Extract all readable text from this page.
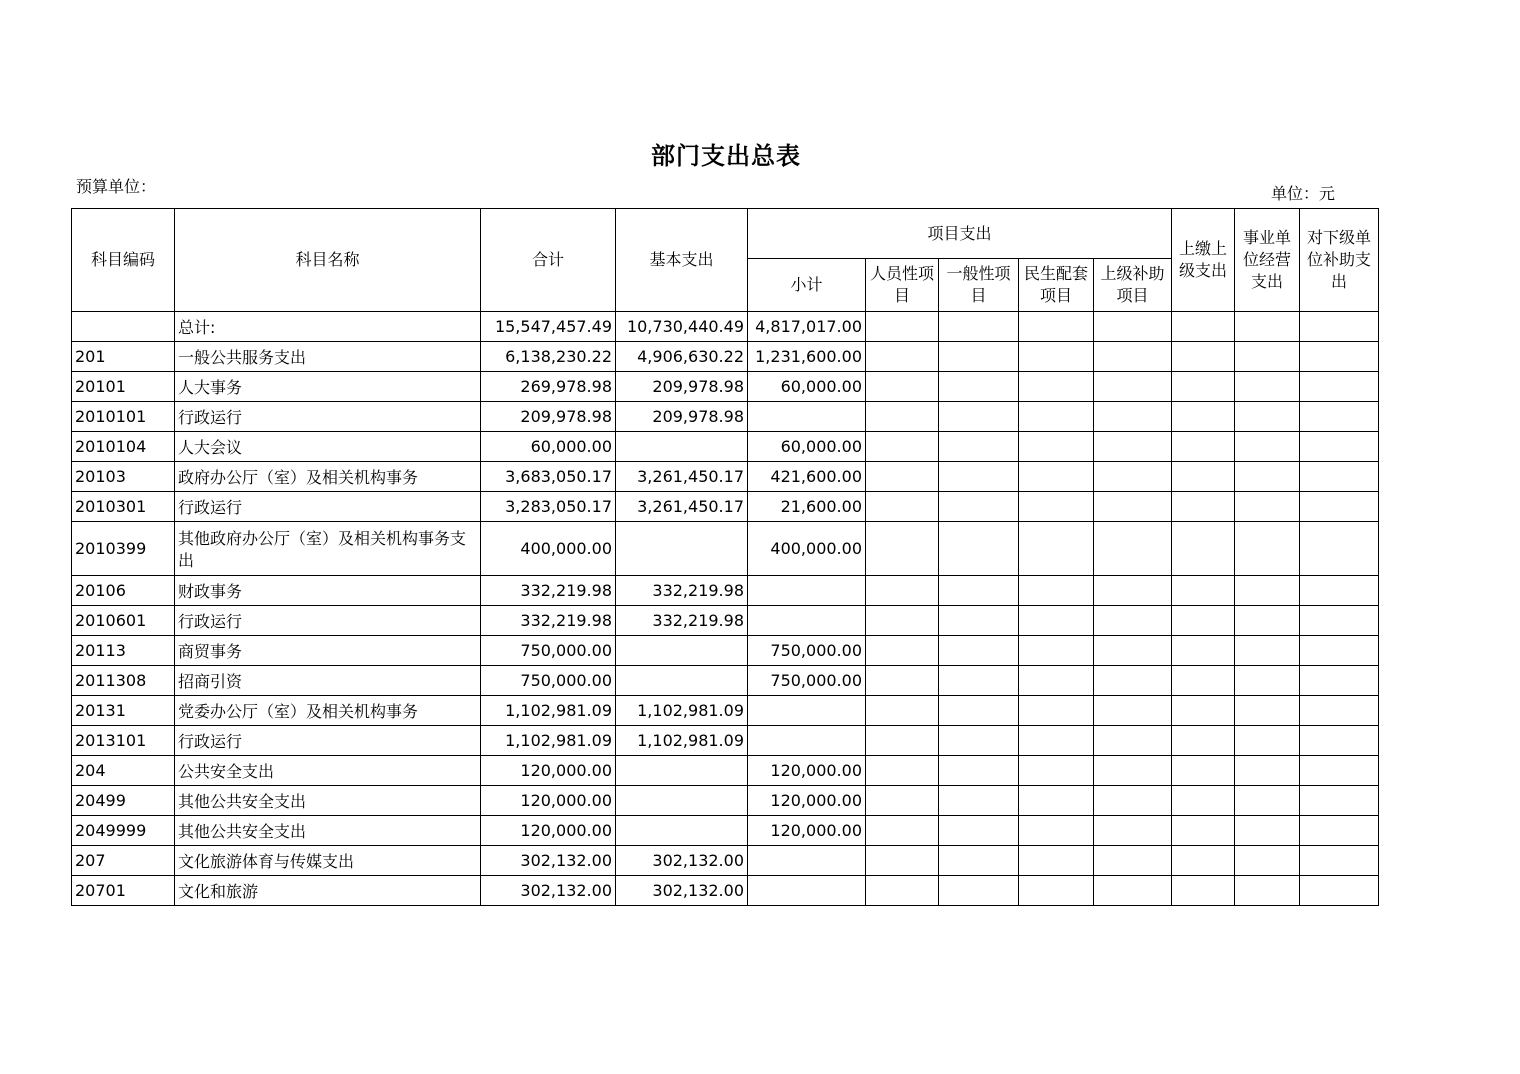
部门支出总表
预算单位：	单位：元
科目编码	科目名称	合计	基本支出	项目支出					上缴上级支出	事业单位经营支出	对下级单位补助支出
				小计	人员性项目	一般性项目	民生配套项目	上级补助项目			
	总计:	15,547,457.49	10,730,440.49	4,817,017.00							
201	一般公共服务支出	6,138,230.22	4,906,630.22	1,231,600.00							
20101	人大事务	269,978.98	209,978.98	60,000.00							
2010101	行政运行	209,978.98	209,978.98								
2010104	人大会议	60,000.00		60,000.00							
20103	政府办公厅（室）及相关机构事务	3,683,050.17	3,261,450.17	421,600.00							
2010301	行政运行	3,283,050.17	3,261,450.17	21,600.00							
2010399	其他政府办公厅（室）及相关机构事务支出	400,000.00		400,000.00							
20106	财政事务	332,219.98	332,219.98								
2010601	行政运行	332,219.98	332,219.98								
20113	商贸事务	750,000.00		750,000.00							
2011308	招商引资	750,000.00		750,000.00							
20131	党委办公厅（室）及相关机构事务	1,102,981.09	1,102,981.09								
2013101	行政运行	1,102,981.09	1,102,981.09								
204	公共安全支出	120,000.00		120,000.00							
20499	其他公共安全支出	120,000.00		120,000.00							
2049999	其他公共安全支出	120,000.00		120,000.00							
207	文化旅游体育与传媒支出	302,132.00	302,132.00								
20701	文化和旅游	302,132.00	302,132.00								
